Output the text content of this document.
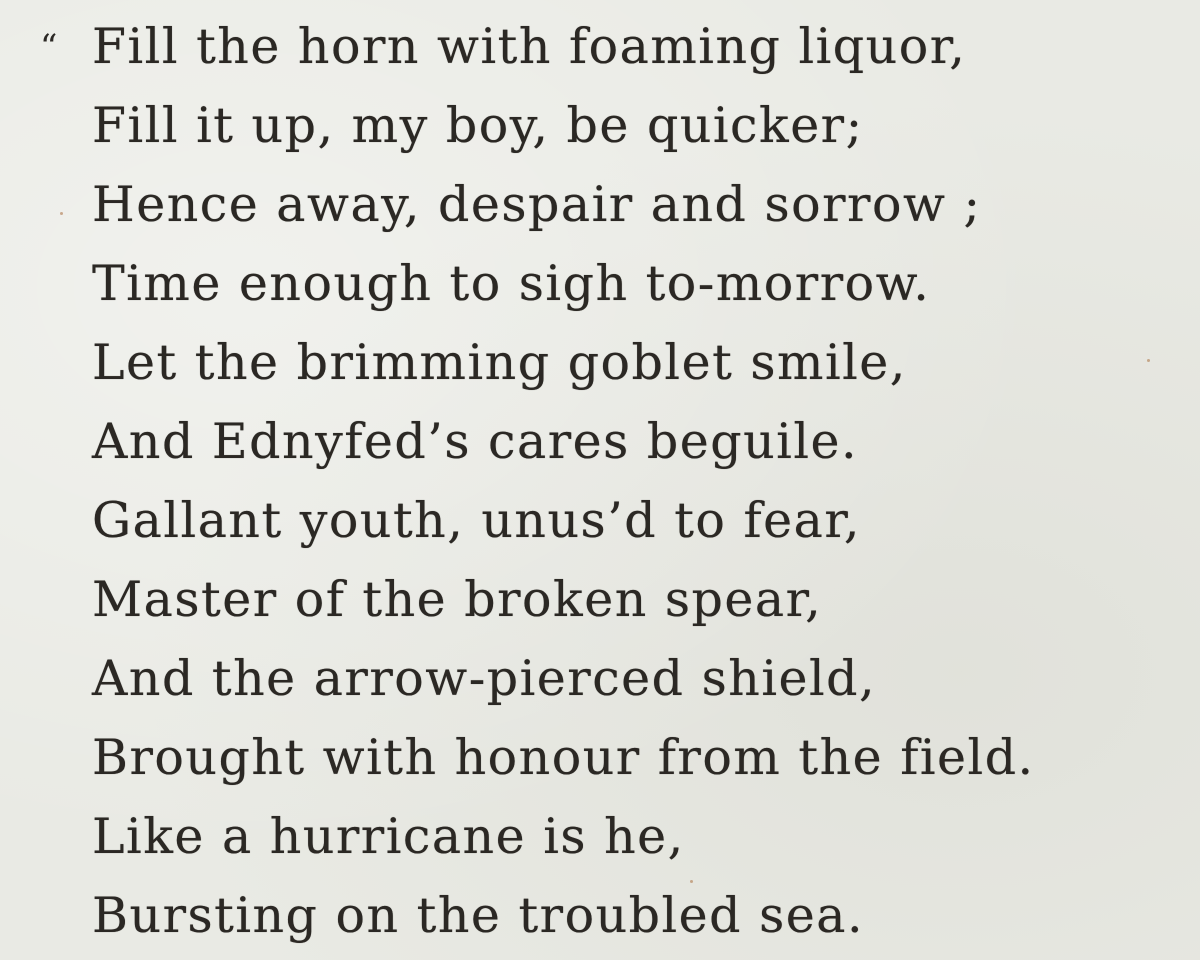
“ Fill the horn with foaming liquor,
Fill it up, my boy, be quicker;
Hence away, despair and sorrow ;
Time enough to sigh to-morrow.
Let the brimming goblet smile,
And Ednyfed’s cares beguile.
Gallant youth, unus’d to fear,
Master of the broken spear,
And the arrow-pierced shield,
Brought with honour from the field.
Like a hurricane is he,
Bursting on the troubled sea.
